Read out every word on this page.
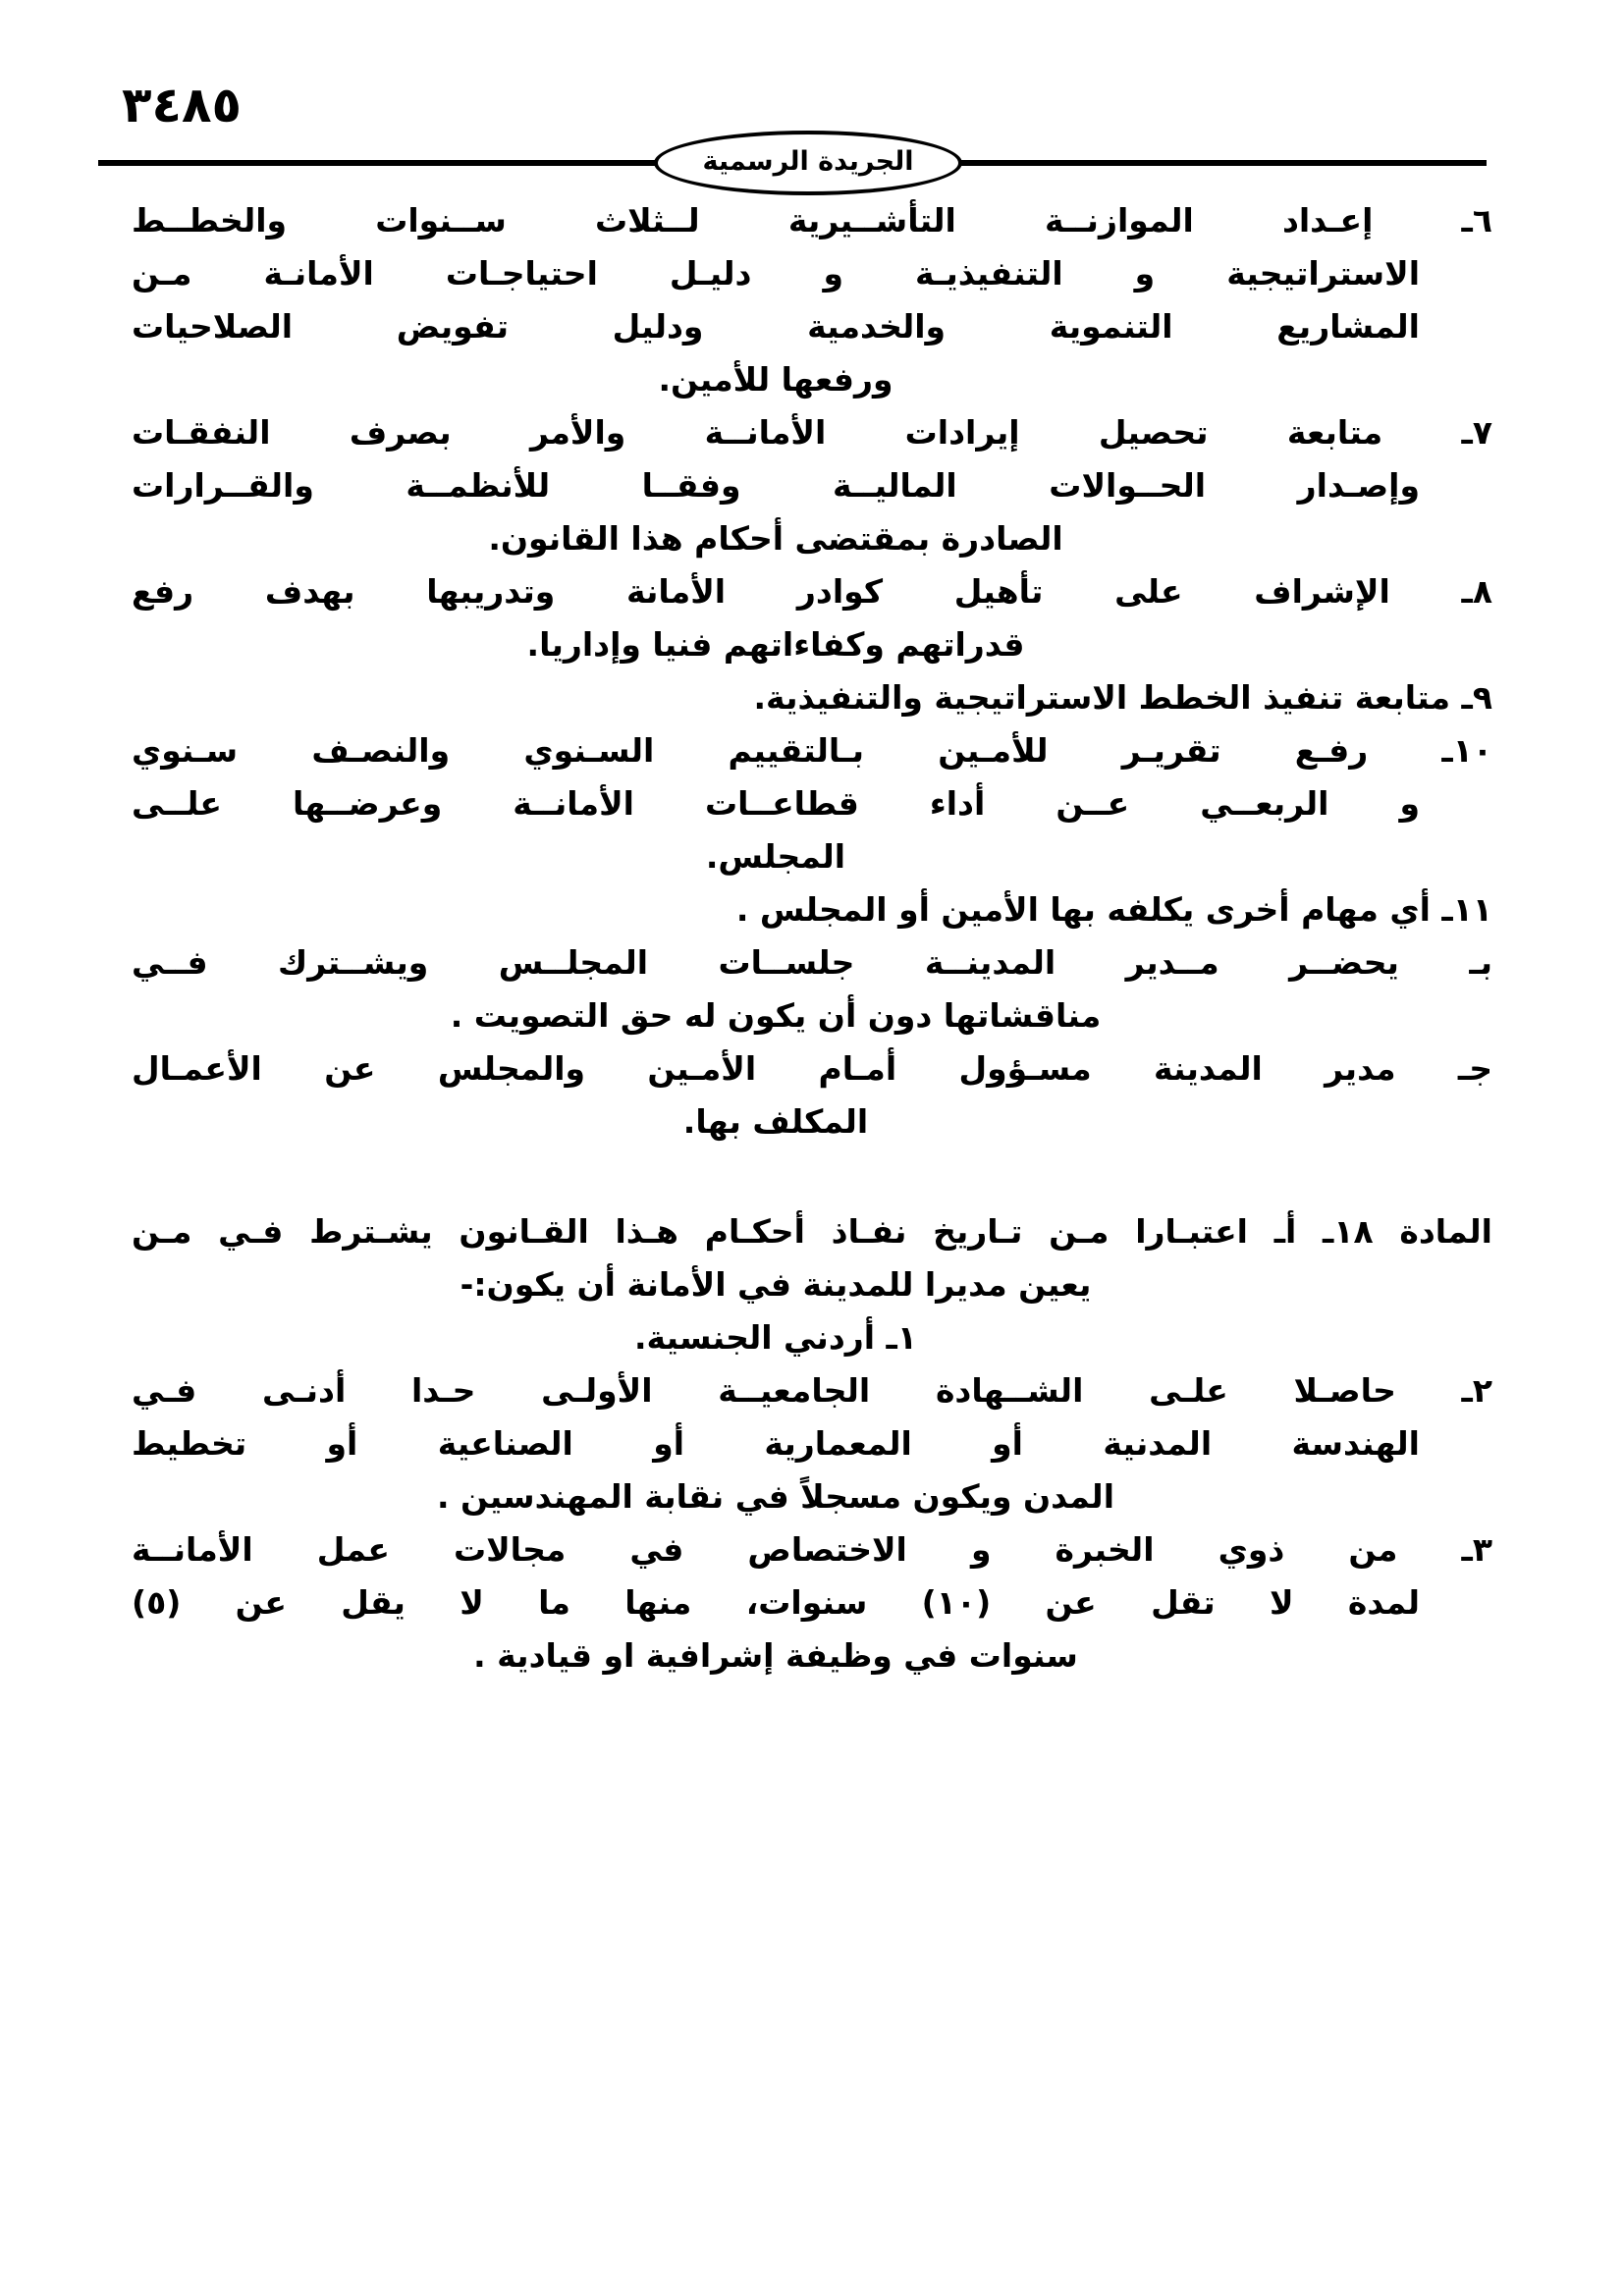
٣٤٨٥
الجريدة الرسمية
٦ـ إعـداد الموازنــة التأشــيرية لــثلاث ســنوات والخطــط
الاستراتيجية و التنفيذيـة و دليـل احتياجـات الأمانـة مـن
المشاريع التنموية والخدمية ودليل تفويض الصلاحيات
ورفعها للأمين.
٧ـ متابعة تحصيل إيرادات الأمانــة والأمر بصرف النفقـات
وإصـدار الحــوالات الماليــة وفقــا للأنظمــة والقــرارات
الصادرة بمقتضى أحكام هذا القانون.
٨ـ الإشراف على تأهيل كوادر الأمانة وتدريبها بهدف رفع
قدراتهم وكفاءاتهم فنيا وإداريا.
٩ـ متابعة تنفيذ الخطط الاستراتيجية والتنفيذية.
١٠ـ رفـع تقريـر للأمـين بـالتقييم السـنوي والنصـف سـنوي
و الربعــي عــن أداء قطاعــات الأمانــة وعرضــها علــى
المجلس.
١١ـ أي مهام أخرى يكلفه بها الأمين أو المجلس .
بـ يحضــر مــدير المدينــة جلســات المجلــس ويشــترك فــي
مناقشاتها دون أن يكون له حق التصويت .
جـ مدير المدينة مسـؤول أمـام الأمـين والمجلس عن الأعمـال
المكلف بها.
المادة ١٨ـ أـ اعتبـارا مـن تـاريخ نفـاذ أحكـام هـذا القـانون يشـترط فـي مـن
يعين مديرا للمدينة في الأمانة أن يكون:-
١ـ أردني الجنسية.
٢ـ حاصـلا علـى الشــهادة الجامعيــة الأولـى حـدا أدنـى فـي
الهندسة المدنية أو المعمارية أو الصناعية أو تخطيط
المدن ويكون مسجلاً في نقابة المهندسين .
٣ـ من ذوي الخبرة و الاختصاص في مجالات عمل الأمانــة
لمدة لا تقل عن (١٠) سنوات، منها ما لا يقل عن (٥)
سنوات في وظيفة إشرافية او قيادية .
